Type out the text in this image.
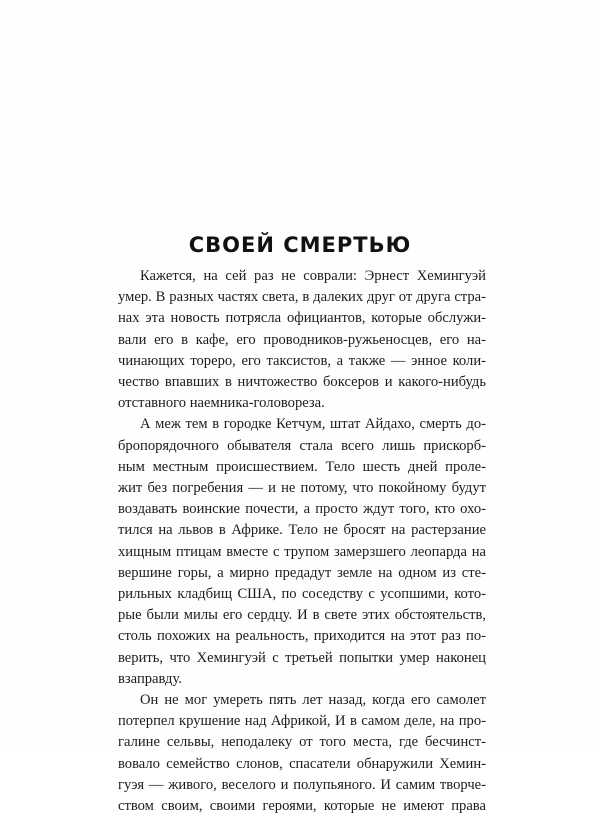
СВОЕЙ СМЕРТЬЮ

Кажется, на сей раз не соврали: Эрнест Хемингуэй
умер. В разных частях света, в далеких друг от друга стра-
нах эта новость потрясла официантов, которые обслужи-
вали его в кафе, его проводников-ружьеносцев, его на-
чинающих тореро, его таксистов, а также — энное коли-
чество впавших в ничтожество боксеров и какого-нибудь
отставного наемника-головореза.

А меж тем в городке Кетчум, штат Айдахо, смерть до-
бропорядочного обывателя стала всего лишь прискорб-
ным местным происшествием. Тело шесть дней проле-
жит без погребения — и не потому, что покойному будут
воздавать воинские почести, а просто ждут того, кто охо-
тился на львов в Африке. Тело не бросят на растерзание
хищным птицам вместе с трупом замерзшего леопарда на
вершине горы, а мирно предадут земле на одном из сте-
рильных кладбищ США, по соседству с усопшими, кото-
рые были милы его сердцу. И в свете этих обстоятельств,
столь похожих на реальность, приходится на этот раз по-
верить, что Хемингуэй с третьей попытки умер наконец
взаправду.

Он не мог умереть пять лет назад, когда его самолет
потерпел крушение над Африкой, И в самом деле, на про-
галине сельвы, неподалеку от того места, где бесчинст-
вовало семейство слонов, спасатели обнаружили Хемин-
гуэя — живого, веселого и полупьяного. И самим творче-
ством своим, своими героями, которые не имеют права
